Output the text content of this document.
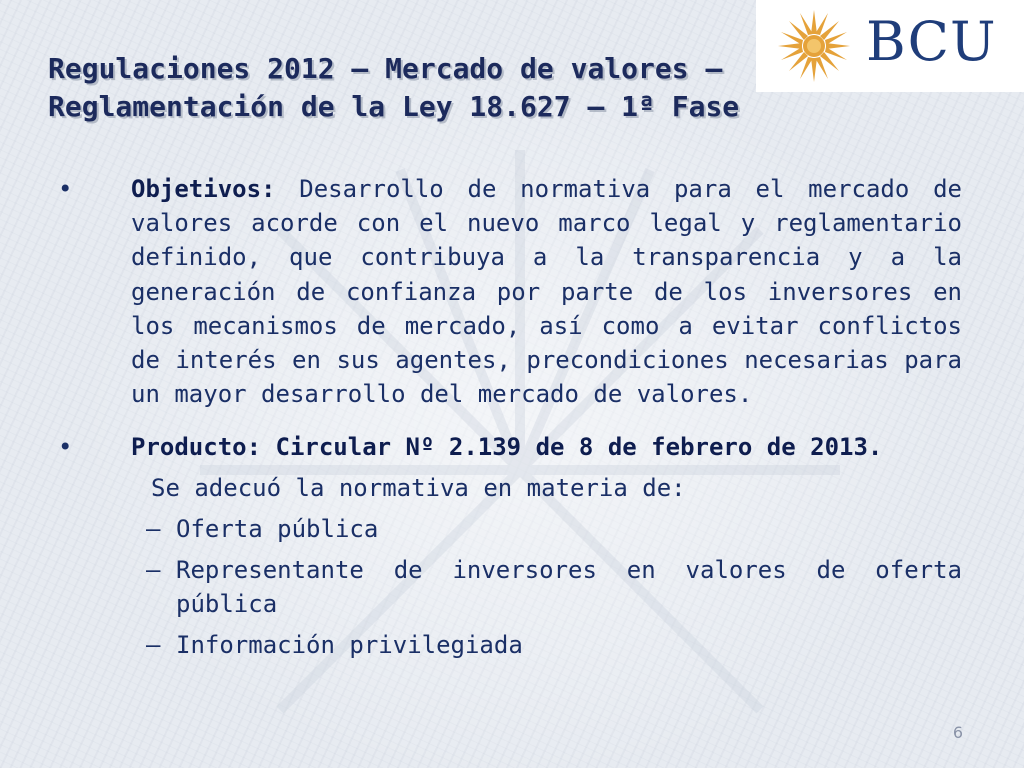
BCU
Regulaciones 2012 – Mercado de valores –
Reglamentación de la Ley 18.627 – 1ª Fase
• Objetivos: Desarrollo de normativa para el mercado de valores acorde con el nuevo marco legal y reglamentario definido, que contribuya a la transparencia y a la generación de confianza por parte de los inversores en los mecanismos de mercado, así como a evitar conflictos de interés en sus agentes, precondiciones necesarias para un mayor desarrollo del mercado de valores.

• Producto: Circular Nº 2.139 de 8 de febrero de 2013.

Se adecuó la normativa en materia de:
– Oferta pública

– Representante de inversores en valores de oferta pública

– Información privilegiada

6
